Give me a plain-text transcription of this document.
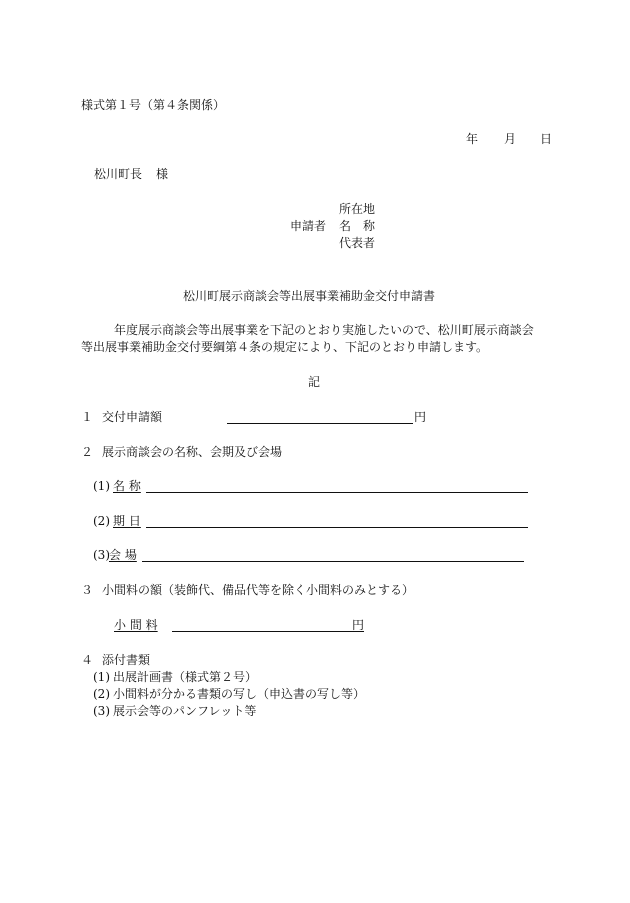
様式第１号（第４条関係）
年 月 日
松川町長 様
所在地
申請者 名　称
代表者
松川町展示商談会等出展事業補助金交付申請書
年度展示商談会等出展事業を下記のとおり実施したいので、松川町展示商談会
等出展事業補助金交付要綱第４条の規定により、下記のとおり申請します。
記
１ 交付申請額	円
２ 展示商談会の名称、会期及び会場
(1) 名 称
(2) 期 日
(3) 会 場
３ 小間料の額（装飾代、備品代等を除く小間料のみとする）
小 間 料	円
４ 添付書類
(1) 出展計画書（様式第２号）
(2) 小間料が分かる書類の写し（申込書の写し等）
(3) 展示会等のパンフレット等
